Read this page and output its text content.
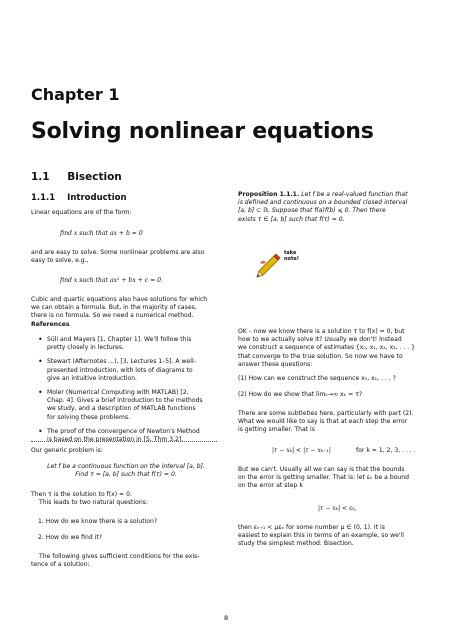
Chapter 1
Solving nonlinear equations
1.1 Bisection
1.1.1 Introduction
Linear equations are of the form:
find x such that ax + b = 0
and are easy to solve. Some nonlinear problems are also
easy to solve, e.g.,
find x such that ax² + bx + c = 0.
Cubic and quartic equations also have solutions for which
we can obtain a formula. But, in the majority of cases,
there is no formula. So we need a numerical method.
References
• Süli and Mayers [1, Chapter 1]. We'll follow this
pretty closely in lectures.
• Stewart (Afternotes ...), [3, Lectures 1–5]. A well-
presented introduction, with lots of diagrams to
give an intuitive introduction.
• Moler (Numerical Computing with MATLAB) [2,
Chap. 4]. Gives a brief introduction to the methods
we study, and a description of MATLAB functions
for solving these problems.
• The proof of the convergence of Newton's Method
is based on the presentation in [5, Thm 3.2].
Our generic problem is:
Let f be a continuous function on the interval [a, b].
Find τ = [a, b] such that f(τ) = 0.
Then τ is the solution to f(x) = 0.
This leads to two natural questions:
1. How do we know there is a solution?
2. How do we find it?
The following gives sufficient conditions for the exis-
tence of a solution:
Proposition 1.1.1. Let f be a real-valued function that
is defined and continuous on a bounded closed interval
[a, b] ⊂ ℝ. Suppose that f(a)f(b) ⩽ 0. Then there
exists τ ∈ [a, b] such that f(τ) = 0.
take
note!
OK – now we know there is a solution τ to f(x) = 0, but
how to we actually solve it? Usually we don't! Instead
we construct a sequence of estimates {x₀, x₁, x₂, x₃, . . . }
that converge to the true solution. So now we have to
answer these questions:
(1) How can we construct the sequence x₀, x₁, . . . ?
(2) How do we show that limₖ→∞ xₖ = τ?
There are some subtleties here, particularly with part (2).
What we would like to say is that at each step the error
is getting smaller. That is
|τ − xₖ| < |τ − xₖ₋₁|	for k = 1, 2, 3, . . . .
But we can't. Usually all we can say is that the bounds
on the error is getting smaller. That is: let εₖ be a bound
on the error at step k
|τ − xₖ| < εₖ,
then εₖ₊₁ < μεₖ for some number μ ∈ (0, 1). It is
easiest to explain this in terms of an example, so we'll
study the simplest method: Bisection.
8
